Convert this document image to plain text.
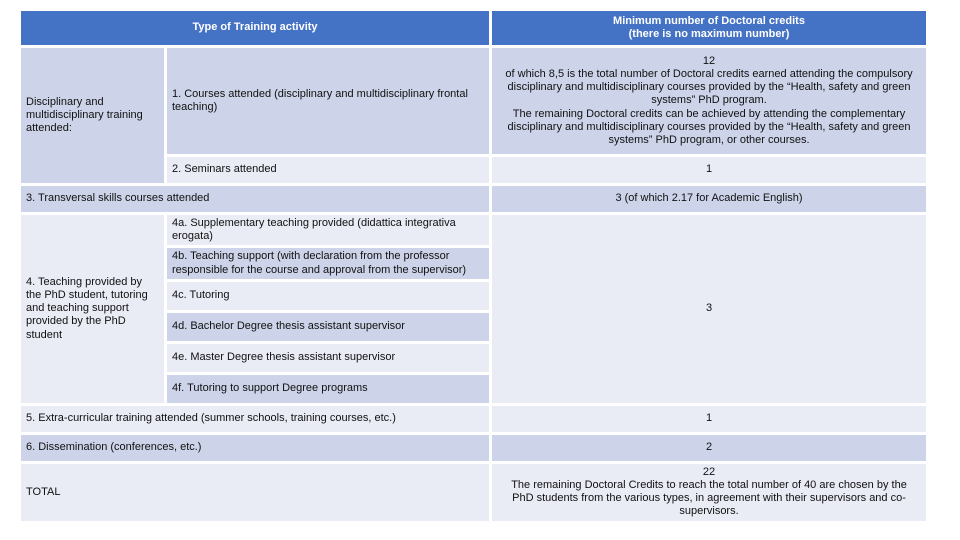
Type of Training activity		Minimum number of Doctoral credits
(there is no maximum number)

Disciplinary and multidisciplinary training attended:	1. Courses attended (disciplinary and multidisciplinary frontal teaching)	12
of which 8,5 is the total number of Doctoral credits earned attending the compulsory disciplinary and multidisciplinary courses provided by the “Health, safety and green systems” PhD program.
The remaining Doctoral credits can be achieved by attending the complementary disciplinary and multidisciplinary courses provided by the “Health, safety and green systems” PhD program, or other courses.

	2. Seminars attended	1
3. Transversal skills courses attended		3 (of which 2.17 for Academic English)
4. Teaching provided by the PhD student, tutoring and teaching support provided by the PhD student	4a. Supplementary teaching provided (didattica integrativa erogata)	3
	4b. Teaching support (with declaration from the professor responsible for the course and approval from the supervisor)	
	4c. Tutoring	
	4d. Bachelor Degree thesis assistant supervisor	
	4e. Master Degree thesis assistant supervisor	
	4f. Tutoring to support Degree programs	
5. Extra-curricular training attended (summer schools, training courses, etc.)		1
6. Dissemination (conferences, etc.)		2
TOTAL		22
The remaining Doctoral Credits to reach the total number of 40 are chosen by the PhD students from the various types, in agreement with their supervisors and co-supervisors.
